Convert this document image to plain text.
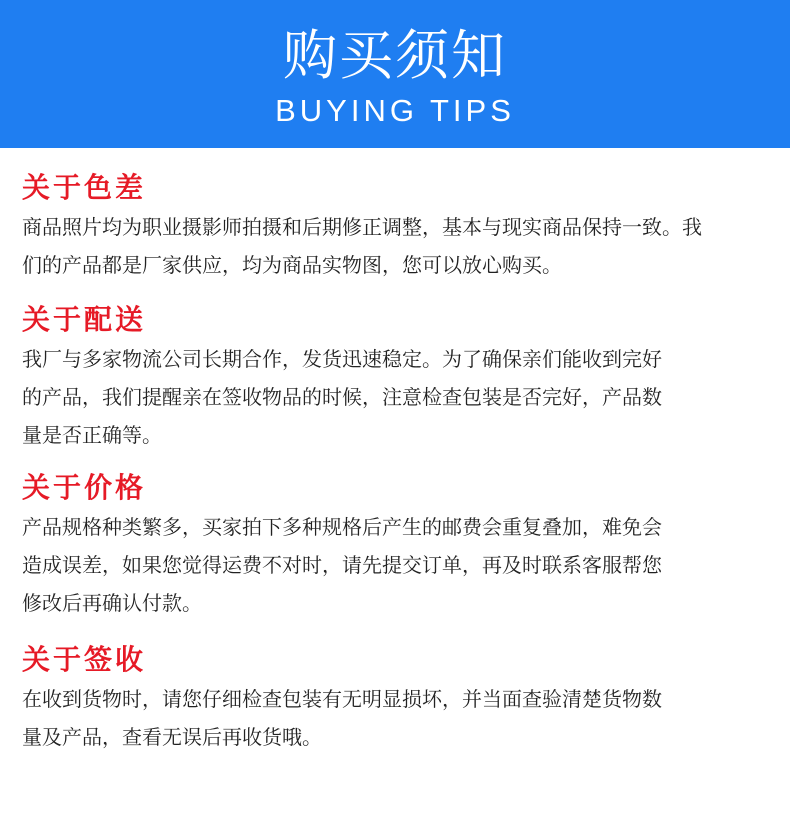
购买须知
BUYING TIPS
关于色差

商品照片均为职业摄影师拍摄和后期修正调整，基本与现实商品保持一致。我
们的产品都是厂家供应，均为商品实物图，您可以放心购买。

关于配送

我厂与多家物流公司长期合作，发货迅速稳定。为了确保亲们能收到完好
的产品，我们提醒亲在签收物品的时候，注意检查包装是否完好，产品数
量是否正确等。

关于价格

产品规格种类繁多，买家拍下多种规格后产生的邮费会重复叠加，难免会
造成误差，如果您觉得运费不对时，请先提交订单，再及时联系客服帮您
修改后再确认付款。

关于签收

在收到货物时，请您仔细检查包装有无明显损坏，并当面查验清楚货物数
量及产品，查看无误后再收货哦。
